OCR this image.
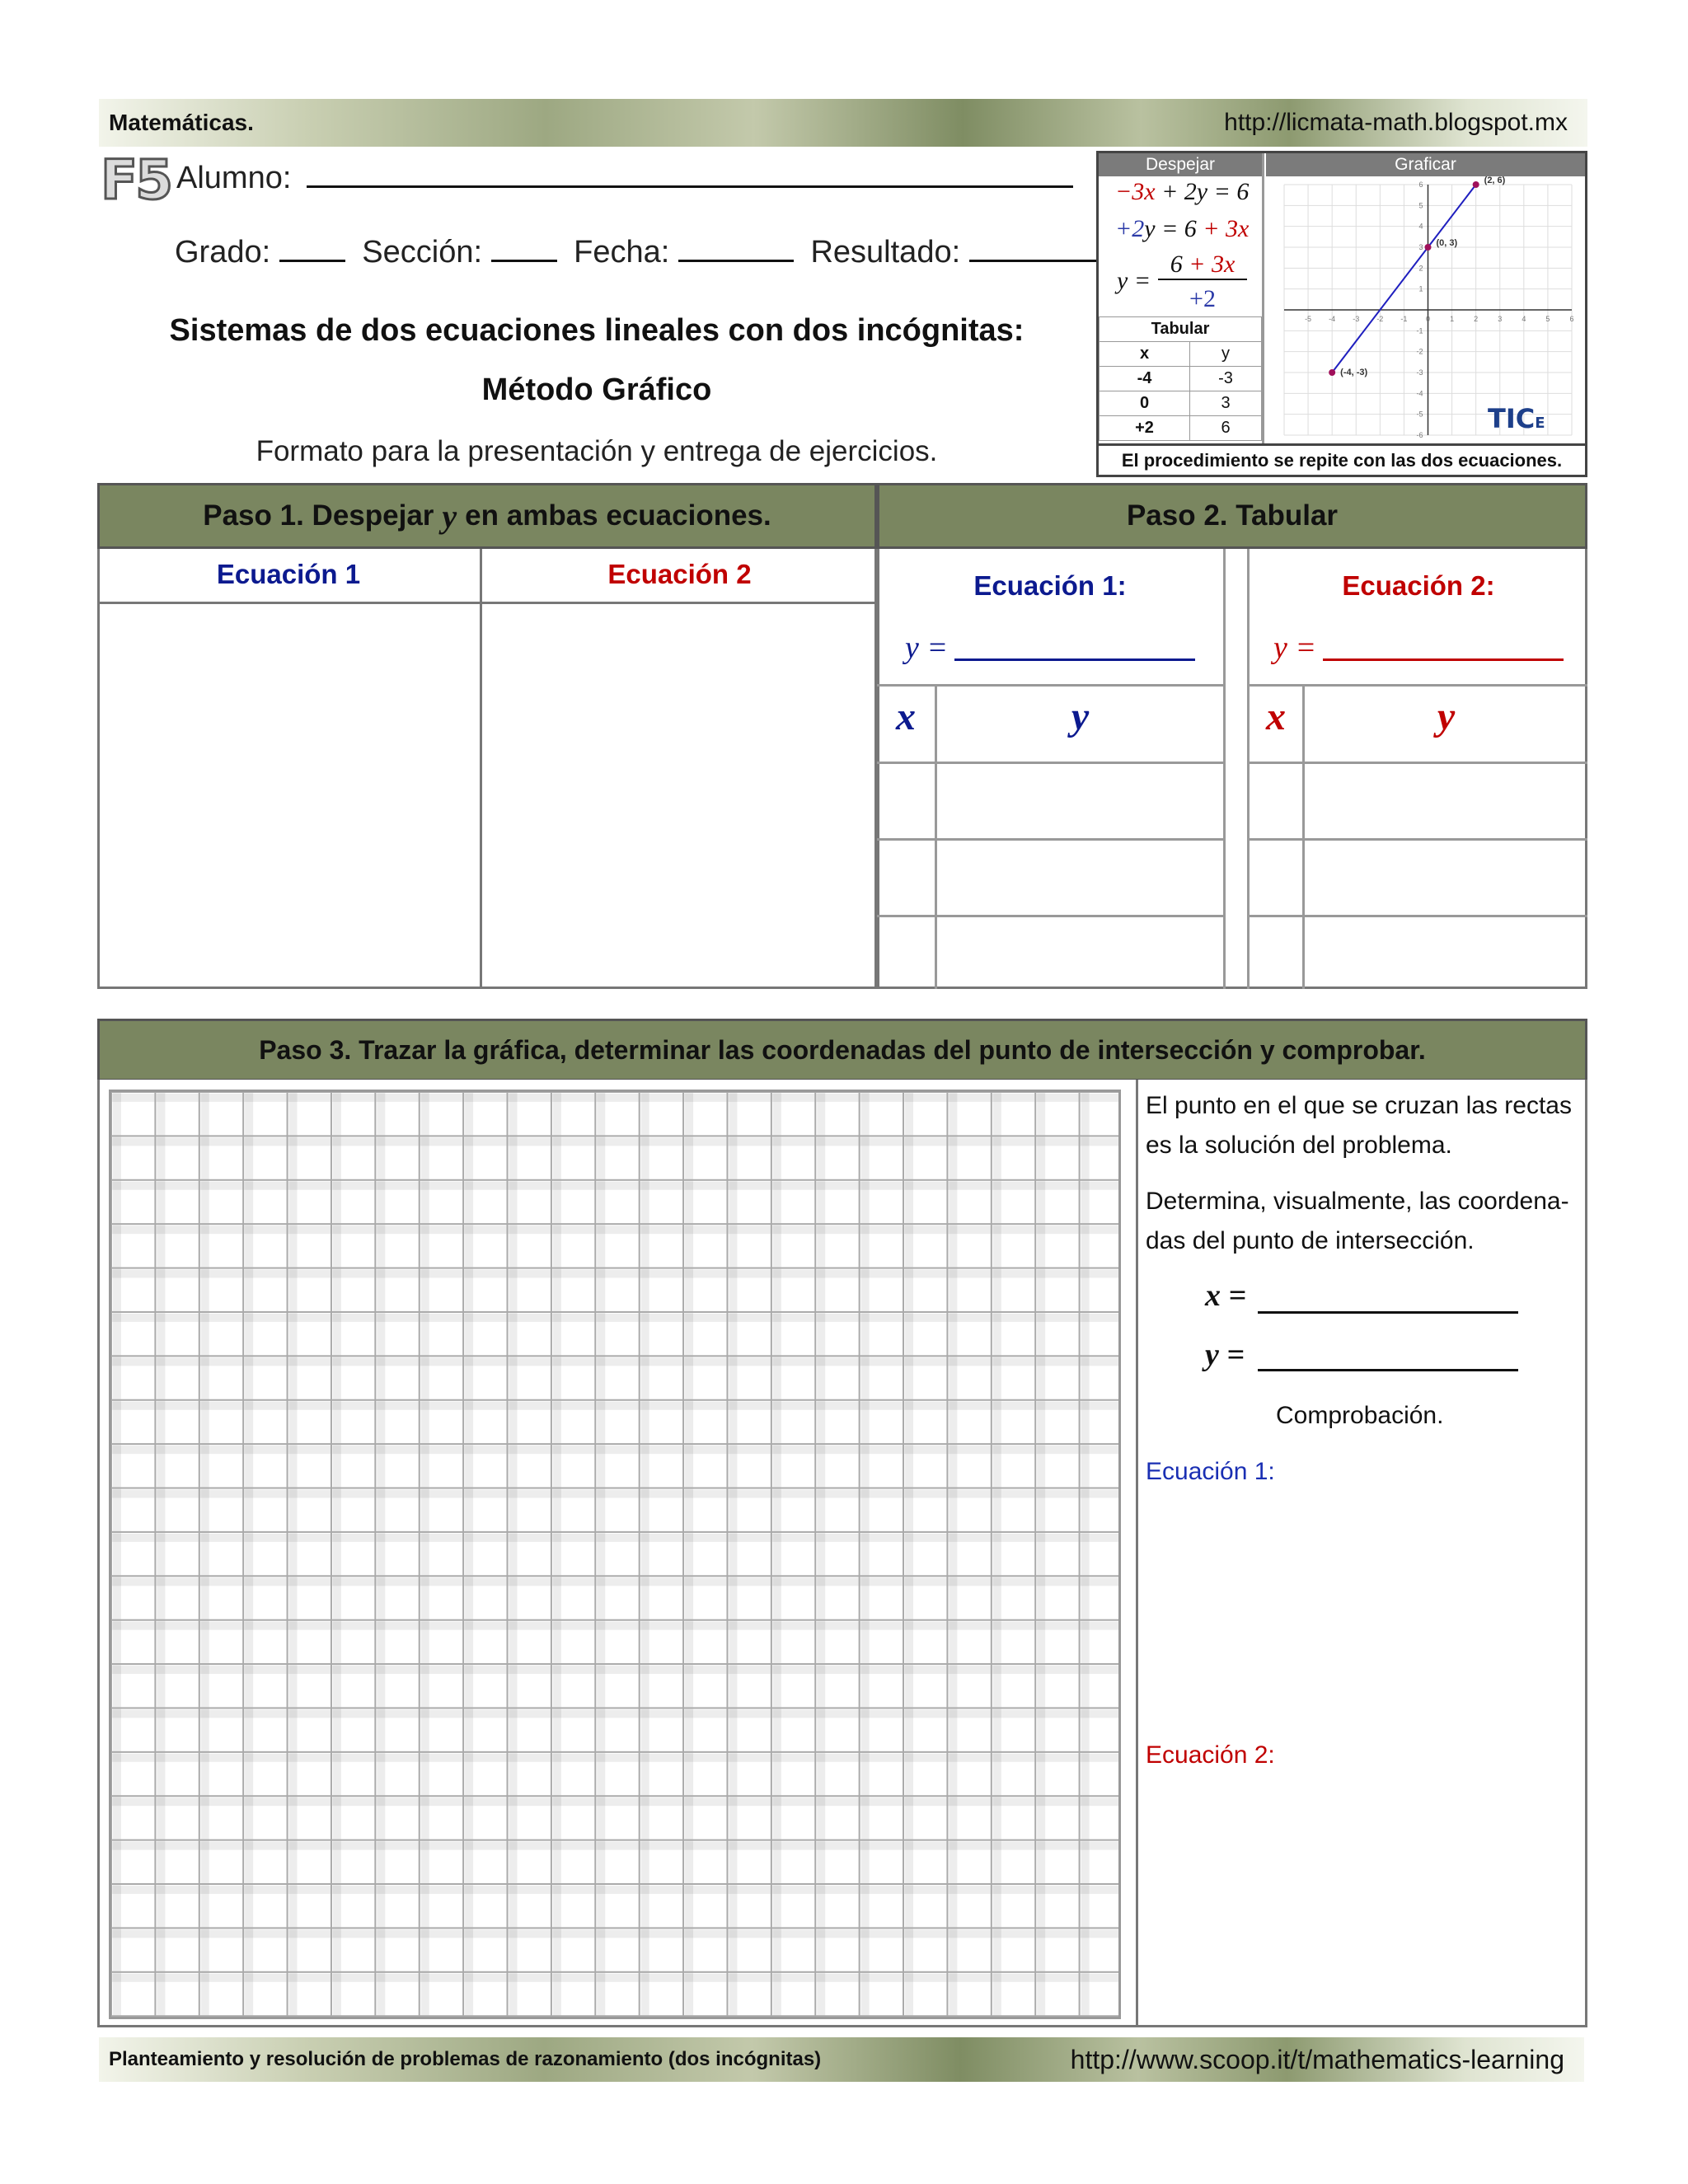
Matemáticas.	http://licmata-math.blogspot.mx
F5 Alumno:
Grado:	Sección:	Fecha:	Resultado:
Sistemas de dos ecuaciones lineales con dos incógnitas:
Método Gráfico
Formato para la presentación y entrega de ejercicios.
Despejar	Graficar
−3x + 2y = 6
+2y = 6 + 3x
y =
6 + 3x
+2
Tabular	
x	y
-4	-3
0	3
+2	6
-5 -4 -3 -2 -1	0	1	2	3	4	5	6
6
5
4
3
2
1
-1
-2
-3
-4
-5
-6
(-4, -3)
(0, 3)
(2, 6)
TICE
El procedimiento se repite con las dos ecuaciones.
Paso 1. Despejar y en ambas ecuaciones.
Ecuación 1	Ecuación 2
Paso 2. Tabular
Ecuación 1:	Ecuación 2:
y =	y =
x	y	x	y
Paso 3. Trazar la gráfica, determinar las coordenadas del punto de intersección y comprobar.
El punto en el que se cruzan las rectas es la solución del problema.
Determina, visualmente, las coordena-das del punto de intersección.
x =
y =
Comprobación.
Ecuación 1:
Ecuación 2:
Planteamiento y resolución de problemas de razonamiento (dos incógnitas)	http://www.scoop.it/t/mathematics-learning
